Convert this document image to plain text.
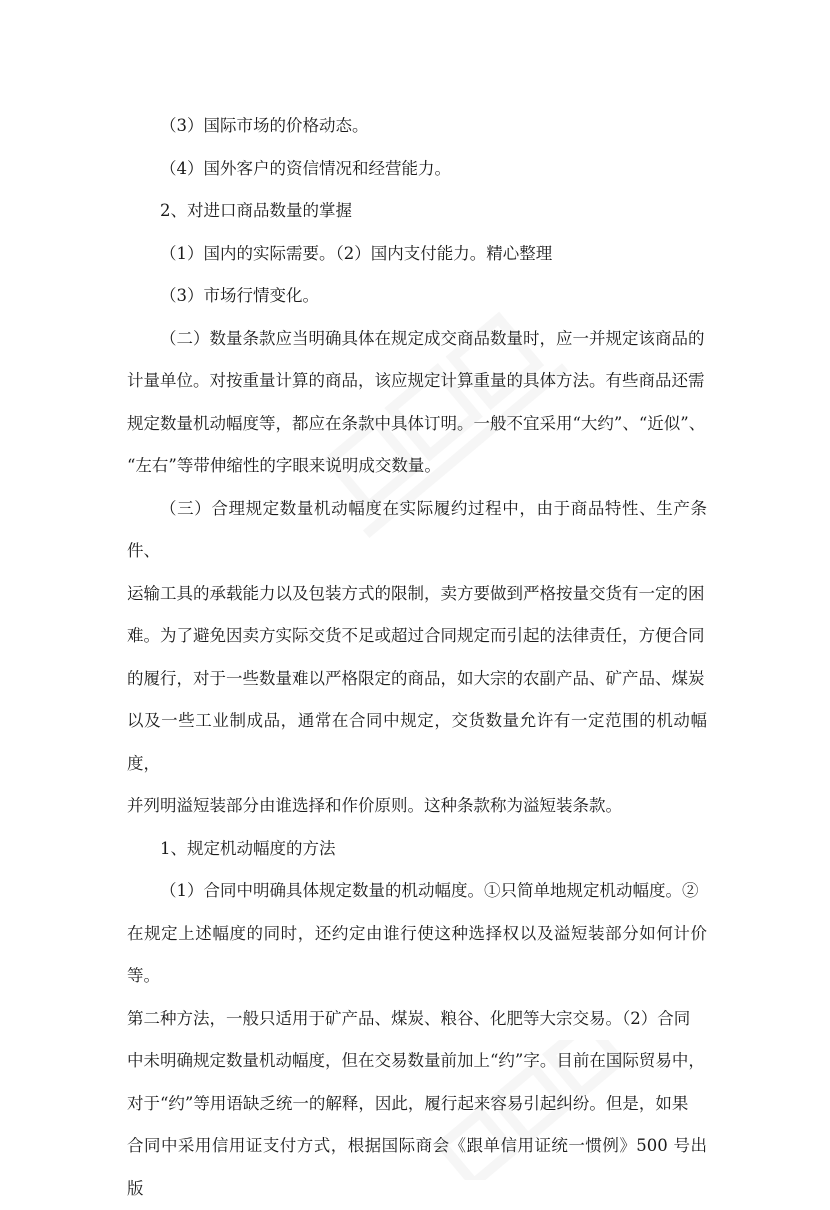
（3）国际市场的价格动态。

（4）国外客户的资信情况和经营能力。

2、对进口商品数量的掌握

（1）国内的实际需要。（2）国内支付能力。精心整理

（3）市场行情变化。

（二）数量条款应当明确具体在规定成交商品数量时，应一并规定该商品的
计量单位。对按重量计算的商品，该应规定计算重量的具体方法。有些商品还需
规定数量机动幅度等，都应在条款中具体订明。一般不宜采用“大约”、“近似”、
“左右”等带伸缩性的字眼来说明成交数量。

（三）合理规定数量机动幅度在实际履约过程中，由于商品特性、生产条件、
运输工具的承载能力以及包装方式的限制，卖方要做到严格按量交货有一定的困
难。为了避免因卖方实际交货不足或超过合同规定而引起的法律责任，方便合同
的履行，对于一些数量难以严格限定的商品，如大宗的农副产品、矿产品、煤炭
以及一些工业制成品，通常在合同中规定，交货数量允许有一定范围的机动幅度，
并列明溢短装部分由谁选择和作价原则。这种条款称为溢短装条款。

1、规定机动幅度的方法

（1）合同中明确具体规定数量的机动幅度。①只简单地规定机动幅度。②
在规定上述幅度的同时，还约定由谁行使这种选择权以及溢短装部分如何计价等。
第二种方法，一般只适用于矿产品、煤炭、粮谷、化肥等大宗交易。（2）合同
中未明确规定数量机动幅度，但在交易数量前加上“约”字。目前在国际贸易中，
对于“约”等用语缺乏统一的解释，因此，履行起来容易引起纠纷。但是，如果
合同中采用信用证支付方式，根据国际商会《跟单信用证统一惯例》500 号出版
